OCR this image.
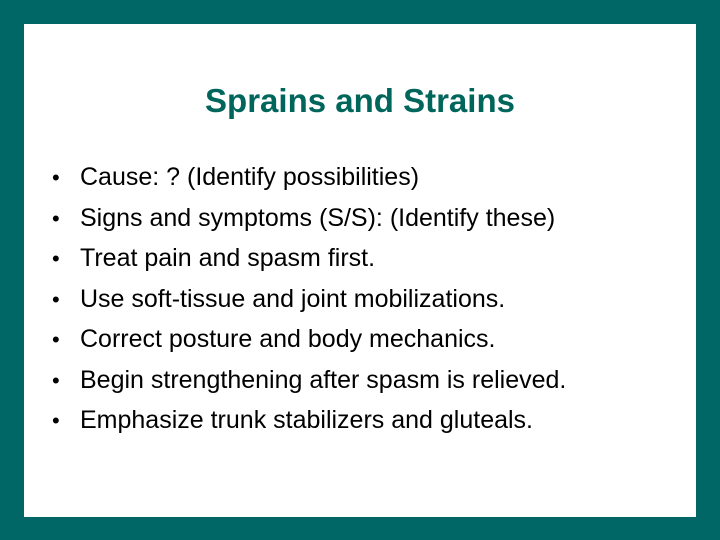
Sprains and Strains
• Cause: ? (Identify possibilities)
• Signs and symptoms (S/S): (Identify these)
• Treat pain and spasm first.
• Use soft-tissue and joint mobilizations.
• Correct posture and body mechanics.
• Begin strengthening after spasm is relieved.
• Emphasize trunk stabilizers and gluteals.
